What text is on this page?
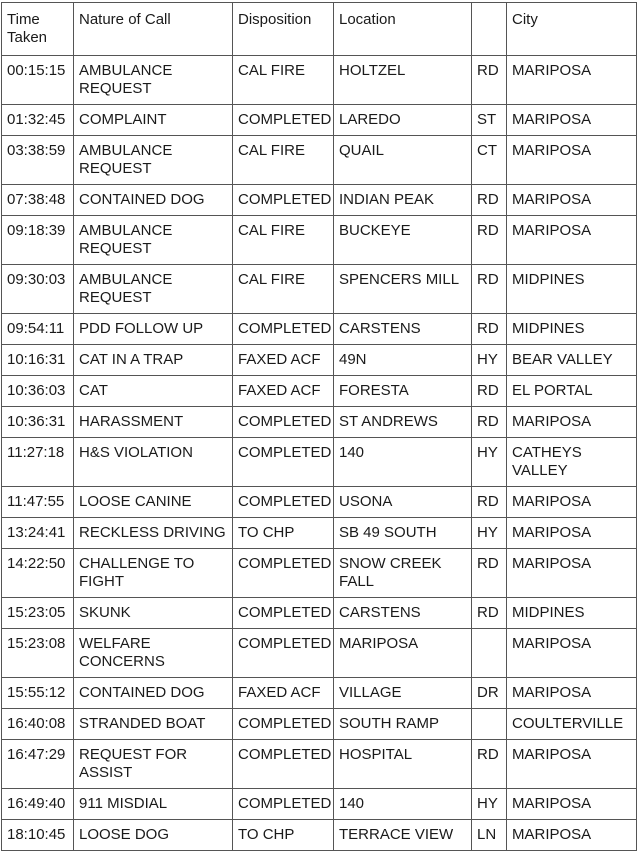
Time Taken	Nature of Call	Disposition	Location		City
00:15:15	AMBULANCE REQUEST	CAL FIRE	HOLTZEL	RD	MARIPOSA
01:32:45	COMPLAINT	COMPLETED	LAREDO	ST	MARIPOSA
03:38:59	AMBULANCE REQUEST	CAL FIRE	QUAIL	CT	MARIPOSA
07:38:48	CONTAINED DOG	COMPLETED	INDIAN PEAK	RD	MARIPOSA
09:18:39	AMBULANCE REQUEST	CAL FIRE	BUCKEYE	RD	MARIPOSA
09:30:03	AMBULANCE REQUEST	CAL FIRE	SPENCERS MILL	RD	MIDPINES
09:54:11	PDD FOLLOW UP	COMPLETED	CARSTENS	RD	MIDPINES
10:16:31	CAT IN A TRAP	FAXED ACF	49N	HY	BEAR VALLEY
10:36:03	CAT	FAXED ACF	FORESTA	RD	EL PORTAL
10:36:31	HARASSMENT	COMPLETED	ST ANDREWS	RD	MARIPOSA
11:27:18	H&S VIOLATION	COMPLETED	140	HY	CATHEYS VALLEY
11:47:55	LOOSE CANINE	COMPLETED	USONA	RD	MARIPOSA
13:24:41	RECKLESS DRIVING	TO CHP	SB 49 SOUTH	HY	MARIPOSA
14:22:50	CHALLENGE TO FIGHT	COMPLETED	SNOW CREEK FALL	RD	MARIPOSA
15:23:05	SKUNK	COMPLETED	CARSTENS	RD	MIDPINES
15:23:08	WELFARE CONCERNS	COMPLETED	MARIPOSA		MARIPOSA
15:55:12	CONTAINED DOG	FAXED ACF	VILLAGE	DR	MARIPOSA
16:40:08	STRANDED BOAT	COMPLETED	SOUTH RAMP		COULTERVILLE
16:47:29	REQUEST FOR ASSIST	COMPLETED	HOSPITAL	RD	MARIPOSA
16:49:40	911 MISDIAL	COMPLETED	140	HY	MARIPOSA
18:10:45	LOOSE DOG	TO CHP	TERRACE VIEW	LN	MARIPOSA
